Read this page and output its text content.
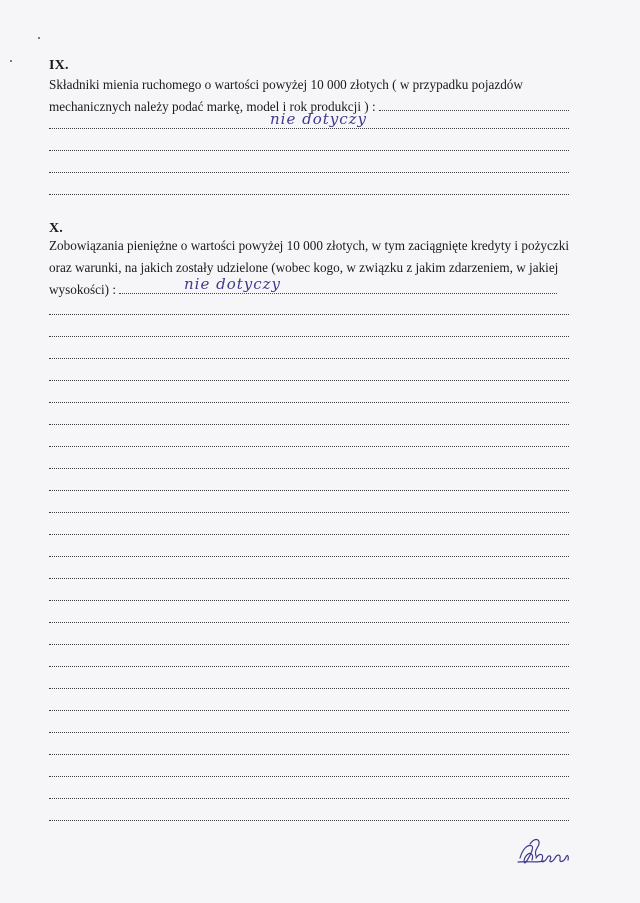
IX.
Składniki mienia ruchomego o wartości powyżej 10 000 złotych ( w przypadku pojazdów
mechanicznych należy podać markę, model i rok produkcji ) :
nie dotyczy
X.
Zobowiązania pieniężne o wartości powyżej 10 000 złotych, w tym zaciągnięte kredyty i pożyczki
oraz warunki, na jakich zostały udzielone (wobec kogo, w związku z jakim zdarzeniem, w jakiej
wysokości) :	nie dotyczy
